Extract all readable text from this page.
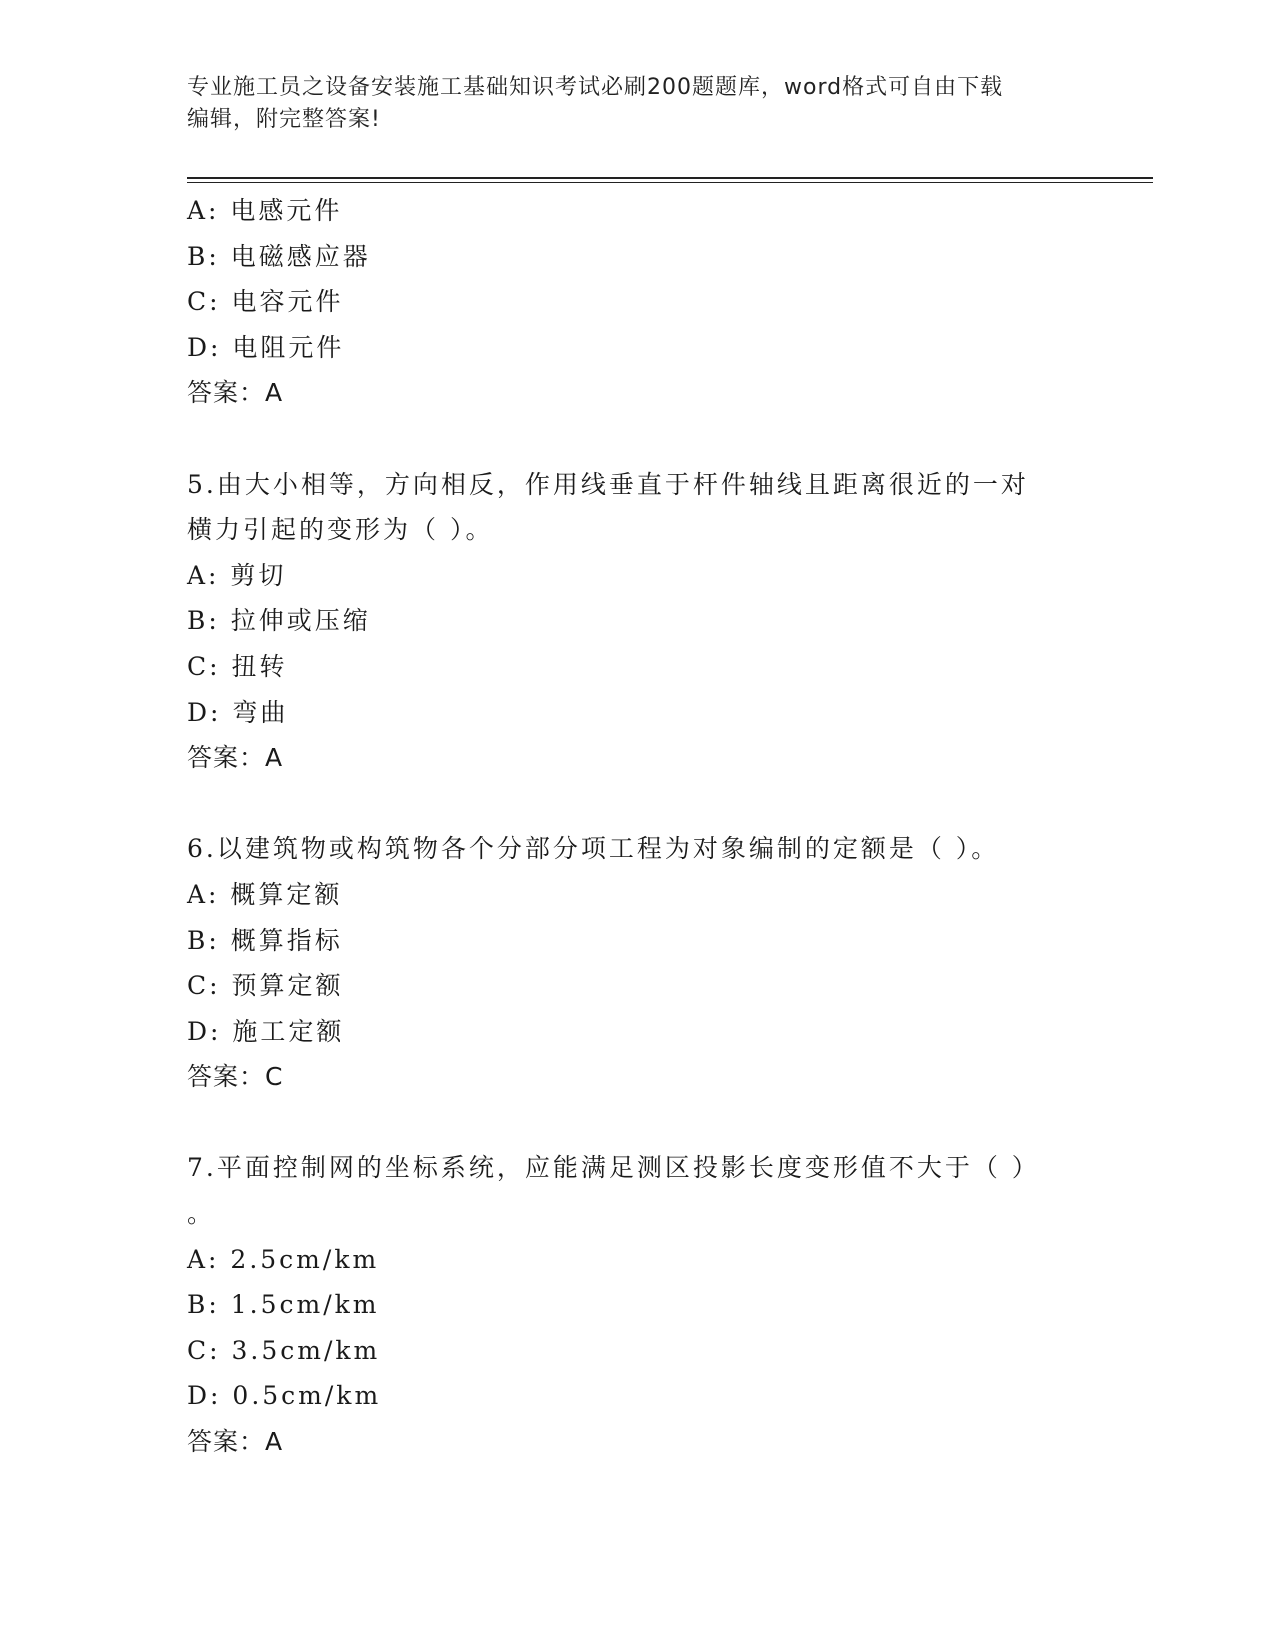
专业施工员之设备安装施工基础知识考试必刷200题题库，word格式可自由下载
编辑，附完整答案!
A: 电感元件
B: 电磁感应器
C: 电容元件
D: 电阻元件
答案：A
5.由大小相等，方向相反，作用线垂直于杆件轴线且距离很近的一对
横力引起的变形为（ ）。
A: 剪切
B: 拉伸或压缩
C: 扭转
D: 弯曲
答案：A
6.以建筑物或构筑物各个分部分项工程为对象编制的定额是（ ）。
A: 概算定额
B: 概算指标
C: 预算定额
D: 施工定额
答案：C
7.平面控制网的坐标系统，应能满足测区投影长度变形值不大于（ ）
。
A: 2.5cm/km
B: 1.5cm/km
C: 3.5cm/km
D: 0.5cm/km
答案：A
